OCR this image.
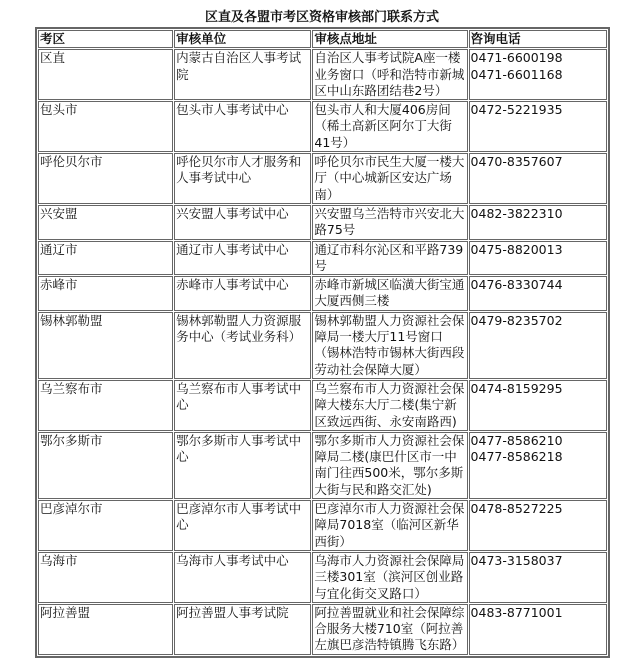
区直及各盟市考区资格审核部门联系方式
考区	审核单位	审核点地址	咨询电话
区直	内蒙古自治区人事考试院	自治区人事考试院A座一楼业务窗口（呼和浩特市新城区中山东路团结巷2号）	0471-6600198
0471-6601168
包头市	包头市人事考试中心	包头市人和大厦406房间（稀土高新区阿尔丁大街41号）	0472-5221935
呼伦贝尔市	呼伦贝尔市人才服务和人事考试中心	呼伦贝尔市民生大厦一楼大厅（中心城新区安达广场南）	0470-8357607
兴安盟	兴安盟人事考试中心	兴安盟乌兰浩特市兴安北大路75号	0482-3822310
通辽市	通辽市人事考试中心	通辽市科尔沁区和平路739号	0475-8820013
赤峰市	赤峰市人事考试中心	赤峰市新城区临潢大街宝通大厦西侧三楼	0476-8330744
锡林郭勒盟	锡林郭勒盟人力资源服务中心（考试业务科）	锡林郭勒盟人力资源社会保障局一楼大厅11号窗口（锡林浩特市锡林大街西段劳动社会保障大厦）	0479-8235702
乌兰察布市	乌兰察布市人事考试中心	乌兰察布市人力资源社会保障大楼东大厅二楼(集宁新区致远西街、永安南路西)	0474-8159295
鄂尔多斯市	鄂尔多斯市人事考试中心	鄂尔多斯市人力资源社会保障局二楼(康巴什区市一中南门往西500米，鄂尔多斯大街与民和路交汇处)	0477-8586210
0477-8586218
巴彦淖尔市	巴彦淖尔市人事考试中心	巴彦淖尔市人力资源社会保障局7018室（临河区新华西街）	0478-8527225
乌海市	乌海市人事考试中心	乌海市人力资源社会保障局三楼301室（滨河区创业路与宜化街交叉路口）	0473-3158037
阿拉善盟	阿拉善盟人事考试院	阿拉善盟就业和社会保障综合服务大楼710室（阿拉善左旗巴彦浩特镇腾飞东路）	0483-8771001
